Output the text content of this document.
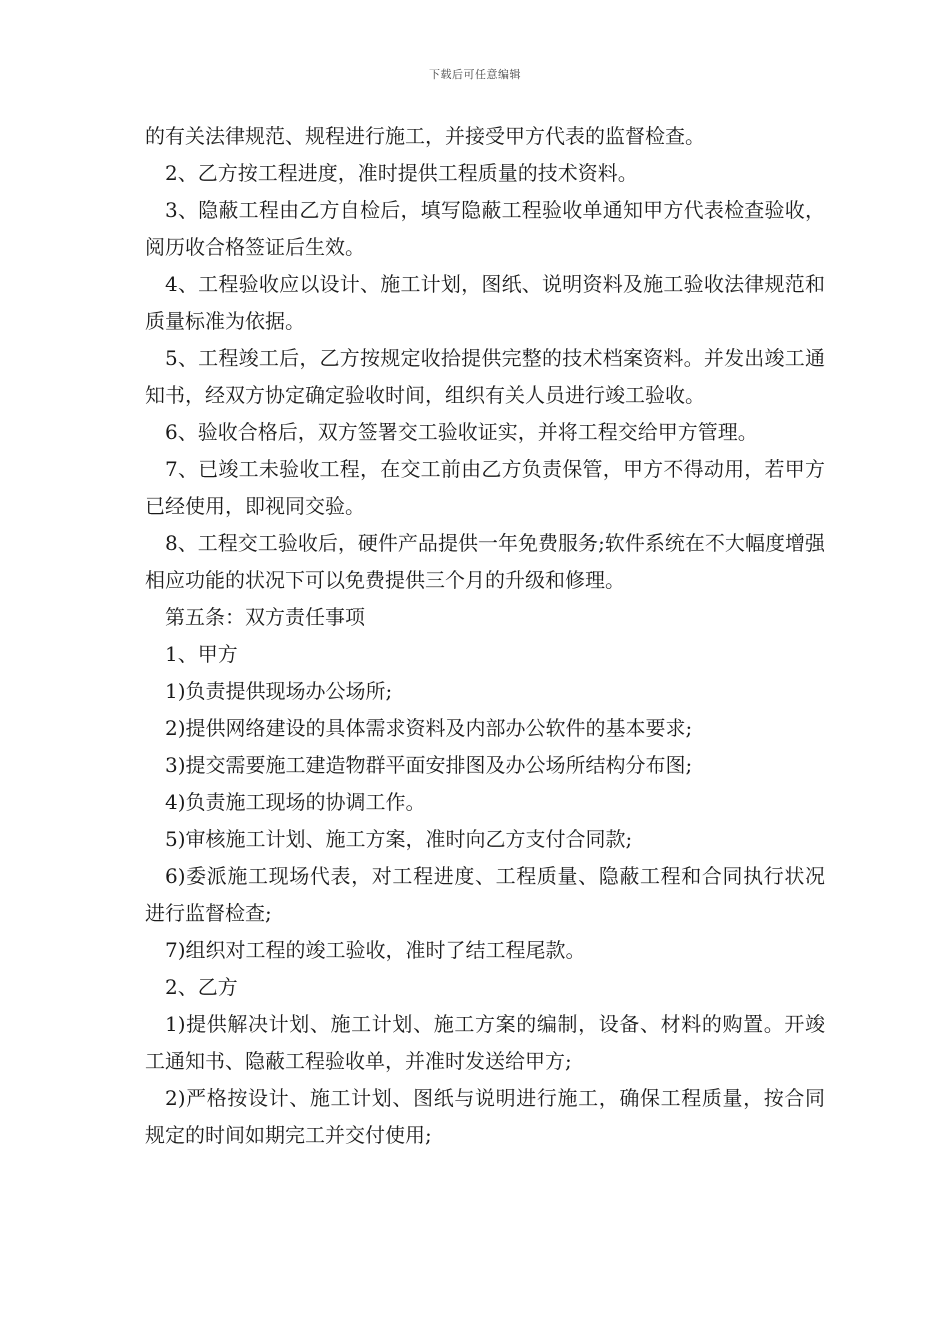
下载后可任意编辑

的有关法律规范、规程进行施工，并接受甲方代表的监督检查。

2、乙方按工程进度，准时提供工程质量的技术资料。

3、隐蔽工程由乙方自检后，填写隐蔽工程验收单通知甲方代表检查验收，阅历收合格签证后生效。

4、工程验收应以设计、施工计划，图纸、说明资料及施工验收法律规范和质量标准为依据。

5、工程竣工后，乙方按规定收拾提供完整的技术档案资料。并发出竣工通知书，经双方协定确定验收时间，组织有关人员进行竣工验收。

6、验收合格后，双方签署交工验收证实，并将工程交给甲方管理。

7、已竣工未验收工程，在交工前由乙方负责保管，甲方不得动用，若甲方已经使用，即视同交验。

8、工程交工验收后，硬件产品提供一年免费服务;软件系统在不大幅度增强相应功能的状况下可以免费提供三个月的升级和修理。

第五条：双方责任事项

1、甲方

1)负责提供现场办公场所;

2)提供网络建设的具体需求资料及内部办公软件的基本要求;

3)提交需要施工建造物群平面安排图及办公场所结构分布图;

4)负责施工现场的协调工作。

5)审核施工计划、施工方案，准时向乙方支付合同款;

6)委派施工现场代表，对工程进度、工程质量、隐蔽工程和合同执行状况进行监督检查;

7)组织对工程的竣工验收，准时了结工程尾款。

2、乙方

1)提供解决计划、施工计划、施工方案的编制，设备、材料的购置。开竣工通知书、隐蔽工程验收单，并准时发送给甲方;

2)严格按设计、施工计划、图纸与说明进行施工，确保工程质量，按合同规定的时间如期完工并交付使用;
